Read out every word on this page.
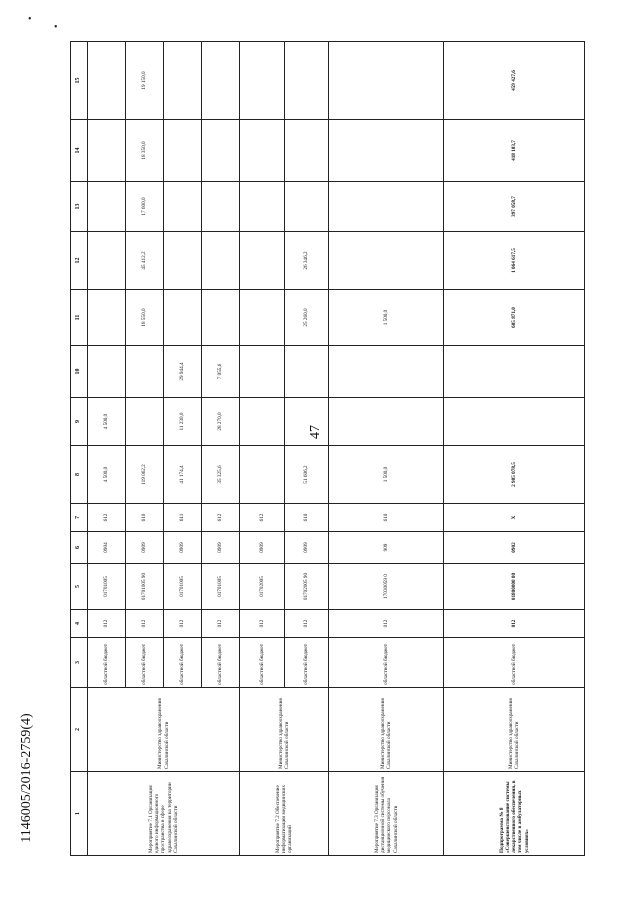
47
•
•
1	2	3	4	5	6	7	8	9	10	11	12	13	14	15
Мероприятие 7.1 Организация единого информационного пространства в сфере здравоохранения на территории Сахалинской области	Министерство здравоохранения Сахалинской области	областной бюджет	012	01701005	0904	612	4 500,0	4 500,0						
		областной бюджет	012	01701005 90	0909	610	119 062,2			18 550,0	45 412,2	17 600,0	18 350,0	19 150,0
		областной бюджет	012	01701005	0909	611	41 174,4	11 230,0	29 944,4					
		областной бюджет	012	01701005	0909	612	35 325,6	28 270,0	7 055,6					
Мероприятие 7.2 Обеспечение информатизации медицинских организаций	Министерство здравоохранения Сахалинской области	областной бюджет	012	01702005	0909	612								
		областной бюджет	012	01702005 90	0909	610	51 606,2			25 260,0	26 346,2			
Мероприятие 7.3 Организация дистанционной системы обучения медицинского персонала Сахалинской области	Министерство здравоохранения Сахалинской области	областной бюджет	012	17030059 0	909	610	1 500,0			1 500,0				
Подпрограмма № 8 «Совершенствование системы лекарственного обеспечения, в том числе в амбулаторных условиях»	Министерство здравоохранения Сахалинской области	областной бюджет	012	01800000 00	0902	Х	2 985 078,5			605 871,0	1 064 617,5	397 058,7	418 103,7	459 427,6
1146005/2016-2759(4)
